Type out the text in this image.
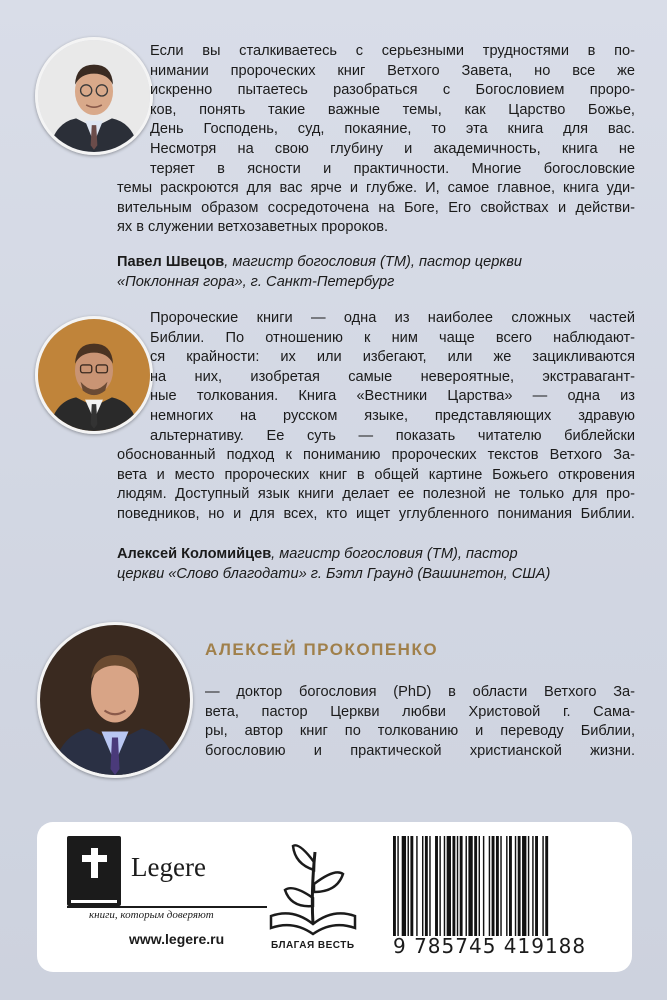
Если вы сталкиваетесь с серьезными трудностями в по-
нимании пророческих книг Ветхого Завета, но все же
искренно пытаетесь разобраться с Богословием проро-
ков, понять такие важные темы, как Царство Божье,
День Господень, суд, покаяние, то эта книга для вас.
Несмотря на свою глубину и академичность, книга не
теряет в ясности и практичности. Многие богословские
темы раскроются для вас ярче и глубже. И, самое главное, книга уди-
вительным образом сосредоточена на Боге, Его свойствах и действи-
ях в служении ветхозаветных пророков.

Павел Швецов, магистр богословия (ТМ), пастор церкви
«Поклонная гора», г. Санкт-Петербург

Пророческие книги — одна из наиболее сложных частей
Библии. По отношению к ним чаще всего наблюдают-
ся крайности: их или избегают, или же зацикливаются
на них, изобретая самые невероятные, экстравагант-
ные толкования. Книга «Вестники Царства» — одна из
немногих на русском языке, представляющих здравую
альтернативу. Ее суть — показать читателю библейски
обоснованный подход к пониманию пророческих текстов Ветхого За-
вета и место пророческих книг в общей картине Божьего откровения
людям. Доступный язык книги делает ее полезной не только для про-
поведников, но и для всех, кто ищет углубленного понимания Библии.

Алексей Коломийцев, магистр богословия (ТМ), пастор
церкви «Слово благодати» г. Бэтл Граунд (Вашингтон, США)
АЛЕКСЕЙ ПРОКОПЕНКО

— доктор богословия (PhD) в области Ветхого За-
вета, пастор Церкви любви Христовой г. Сама-
ры, автор книг по толкованию и переводу Библии,
богословию и практической христианской жизни.

Legere
книги, которым доверяют
www.legere.ru	БЛАГАЯ ВЕСТЬ 9 785745 419188
